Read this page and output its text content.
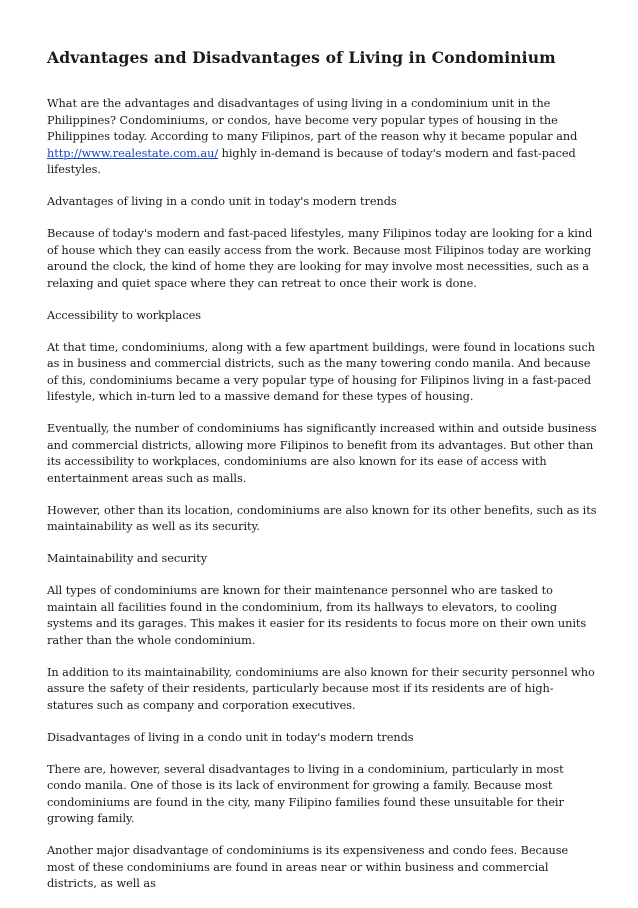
Advantages and Disadvantages of Living in Condominium

What are the advantages and disadvantages of using living in a condominium unit in the Philippines? Condominiums, or condos, have become very popular types of housing in the Philippines today. According to many Filipinos, part of the reason why it became popular and http://www.realestate.com.au/ highly in-demand is because of today's modern and fast-paced lifestyles.

Advantages of living in a condo unit in today's modern trends

Because of today's modern and fast-paced lifestyles, many Filipinos today are looking for a kind of house which they can easily access from the work. Because most Filipinos today are working around the clock, the kind of home they are looking for may involve most necessities, such as a relaxing and quiet space where they can retreat to once their work is done.

Accessibility to workplaces

At that time, condominiums, along with a few apartment buildings, were found in locations such as in business and commercial districts, such as the many towering condo manila. And because of this, condominiums became a very popular type of housing for Filipinos living in a fast-paced lifestyle, which in-turn led to a massive demand for these types of housing.

Eventually, the number of condominiums has significantly increased within and outside business and commercial districts, allowing more Filipinos to benefit from its advantages. But other than its accessibility to workplaces, condominiums are also known for its ease of access with entertainment areas such as malls.

However, other than its location, condominiums are also known for its other benefits, such as its maintainability as well as its security.

Maintainability and security

All types of condominiums are known for their maintenance personnel who are tasked to maintain all facilities found in the condominium, from its hallways to elevators, to cooling systems and its garages. This makes it easier for its residents to focus more on their own units rather than the whole condominium.

In addition to its maintainability, condominiums are also known for their security personnel who assure the safety of their residents, particularly because most if its residents are of high-statures such as company and corporation executives.

Disadvantages of living in a condo unit in today's modern trends

There are, however, several disadvantages to living in a condominium, particularly in most condo manila. One of those is its lack of environment for growing a family. Because most condominiums are found in the city, many Filipino families found these unsuitable for their growing family.

Another major disadvantage of condominiums is its expensiveness and condo fees. Because most of these condominiums are found in areas near or within business and commercial districts, as well as
